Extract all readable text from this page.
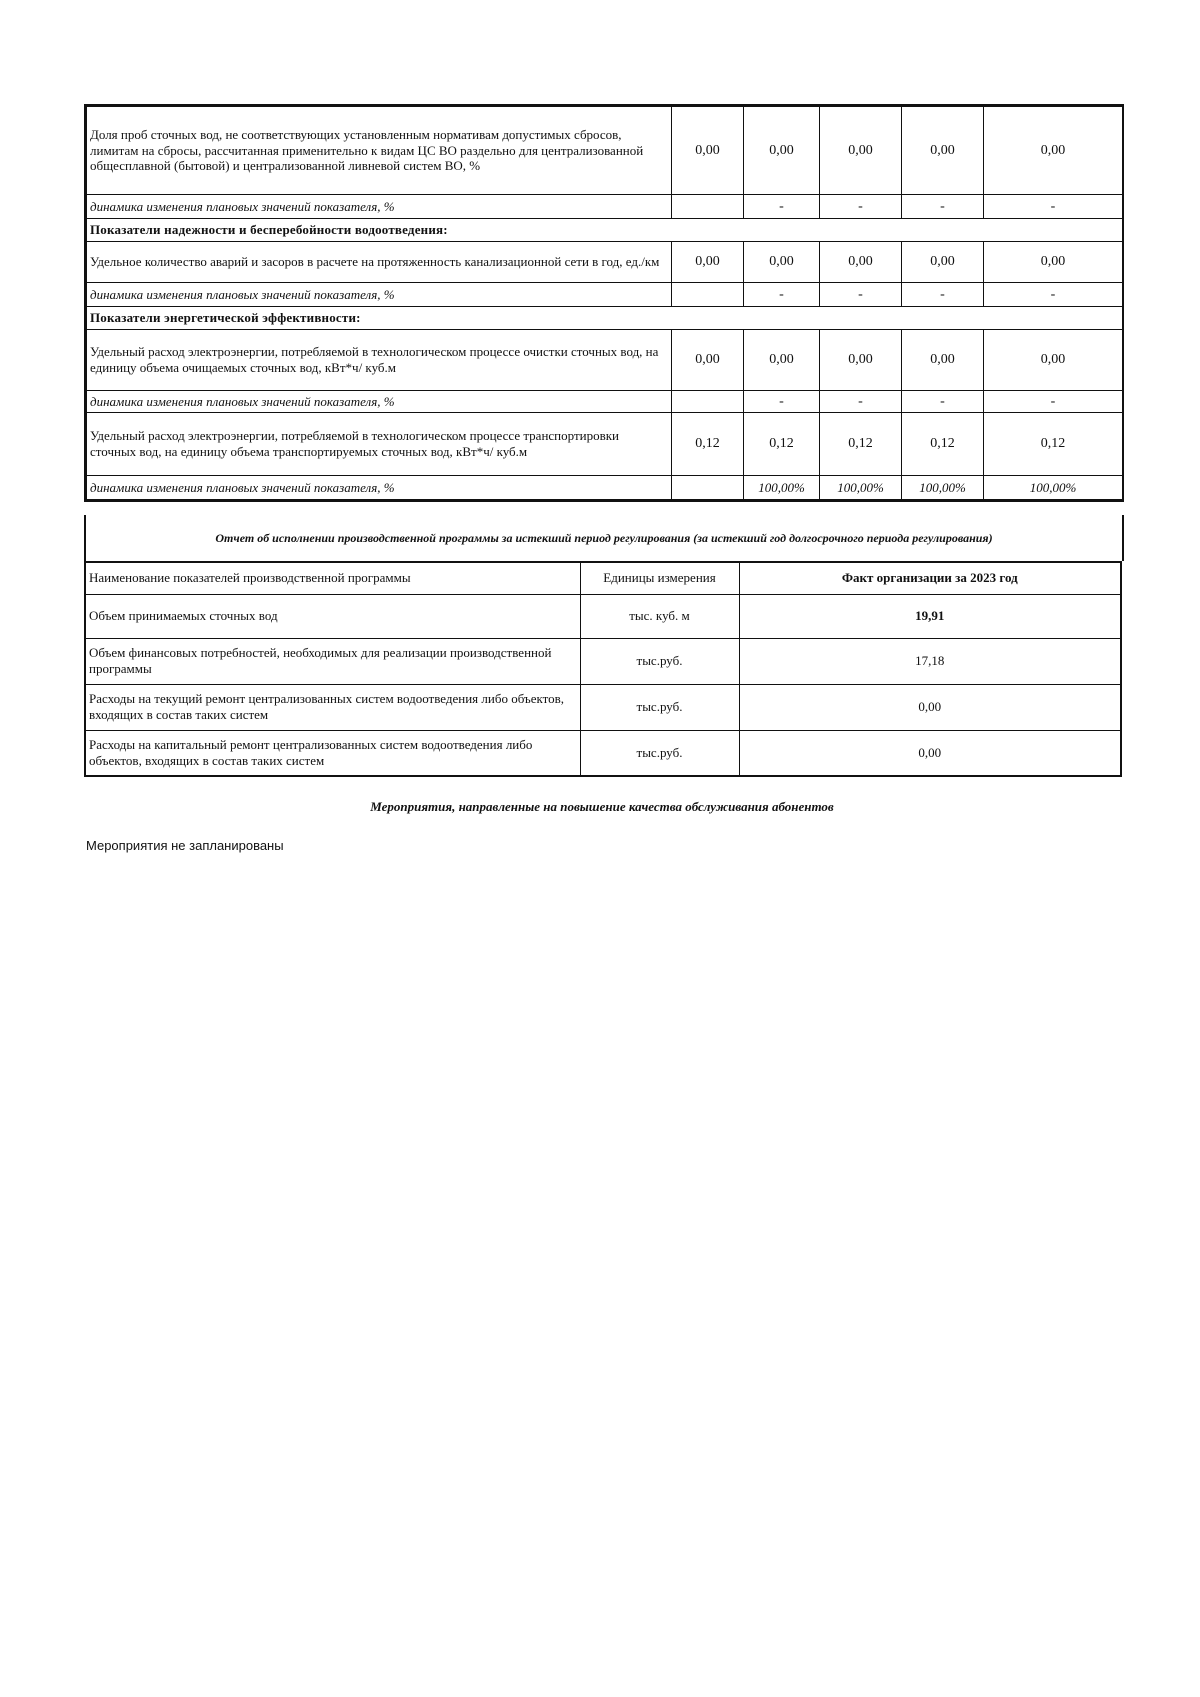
Доля проб сточных вод, не соответствующих установленным нормативам допустимых сбросов, лимитам на сбросы, рассчитанная применительно к видам ЦС ВО раздельно для централизованной общесплавной (бытовой) и централизованной ливневой систем ВО, %	0,00	0,00	0,00	0,00	0,00
динамика изменения плановых значений показателя, %		-	-	-	-
Показатели надежности и бесперебойности водоотведения:					
Удельное количество аварий и засоров в расчете на протяженность канализационной сети в год, ед./км	0,00	0,00	0,00	0,00	0,00
динамика изменения плановых значений показателя, %		-	-	-	-
Показатели энергетической эффективности:					
Удельный расход электроэнергии, потребляемой в технологическом процессе очистки сточных вод, на единицу объема очищаемых сточных вод, кВт*ч/ куб.м	0,00	0,00	0,00	0,00	0,00
динамика изменения плановых значений показателя, %		-	-	-	-
Удельный расход электроэнергии, потребляемой в технологическом процессе транспортировки сточных вод, на единицу объема транспортируемых сточных вод, кВт*ч/ куб.м	0,12	0,12	0,12	0,12	0,12
динамика изменения плановых значений показателя, %		100,00%	100,00%	100,00%	100,00%
Отчет об исполнении производственной программы за истекший период регулирования (за истекший год долгосрочного периода регулирования)
Наименование показателей производственной программы	Единицы измерения	Факт организации за 2023 год
Объем принимаемых сточных вод	тыс. куб. м	19,91
Объем финансовых потребностей, необходимых для реализации производственной программы	тыс.руб.	17,18
Расходы на текущий ремонт централизованных систем водоотведения либо объектов, входящих в состав таких систем	тыс.руб.	0,00
Расходы на капитальный ремонт централизованных систем водоотведения либо объектов, входящих в состав таких систем	тыс.руб.	0,00
Мероприятия, направленные на повышение качества обслуживания абонентов
Мероприятия не запланированы
